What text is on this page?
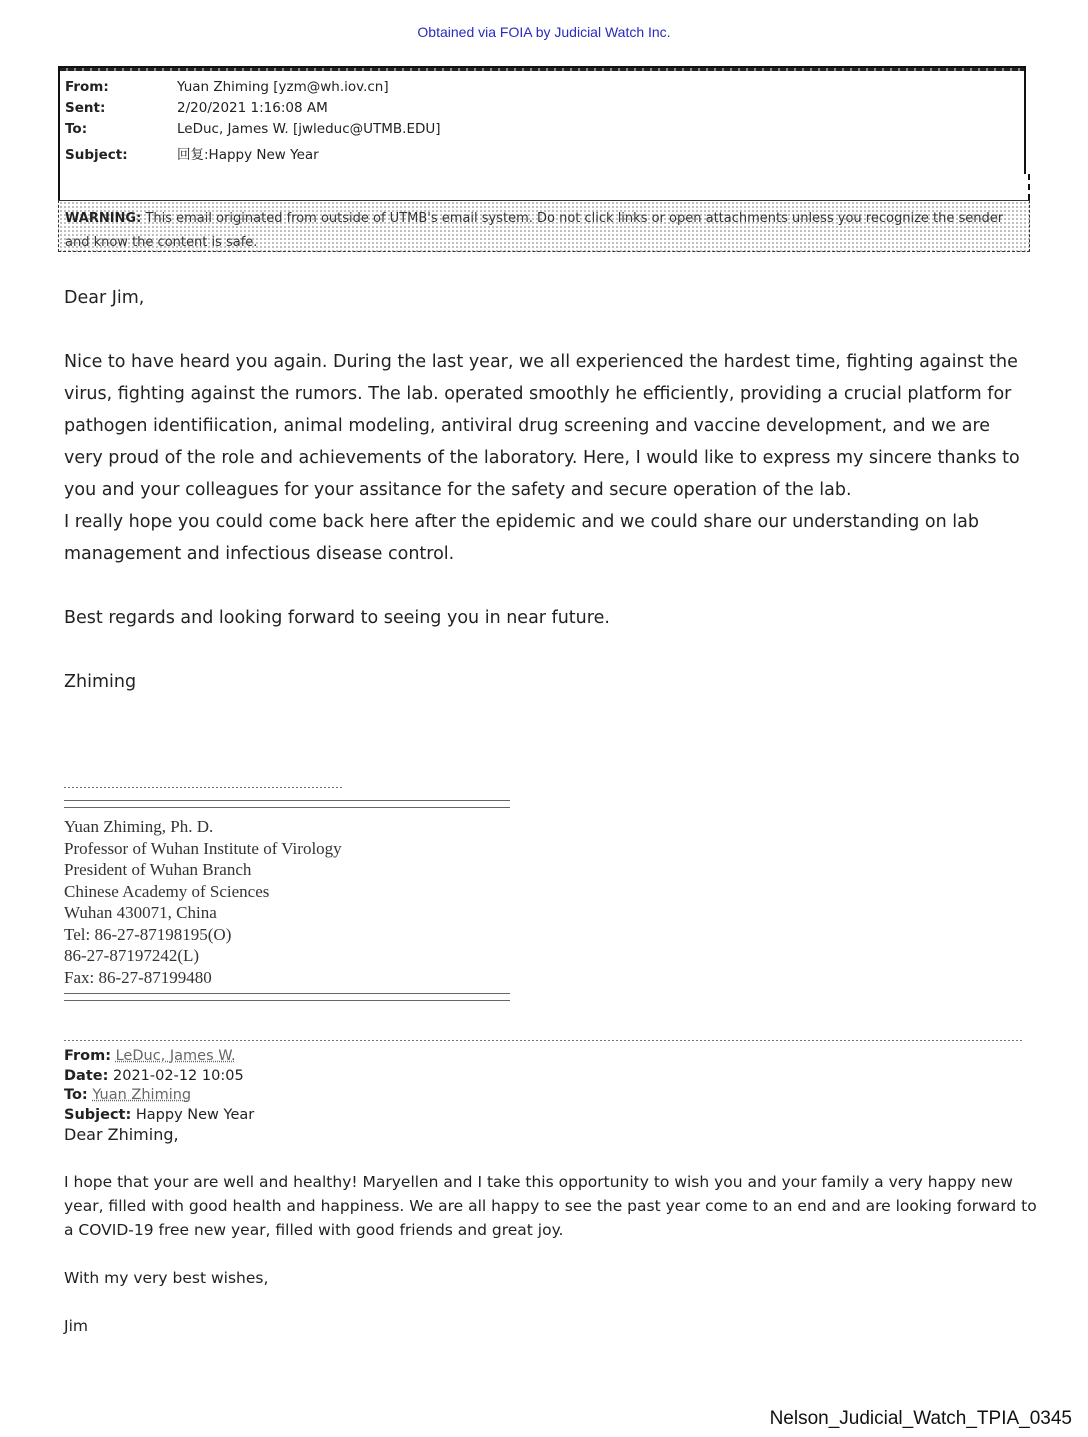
Obtained via FOIA by Judicial Watch Inc.
From:	Yuan Zhiming [yzm@wh.iov.cn]
Sent:	2/20/2021 1:16:08 AM
To:	LeDuc, James W. [jwleduc@UTMB.EDU]
Subject:	回复:Happy New Year
WARNING: This email originated from outside of UTMB's email system. Do not click links or open attachments unless you recognize the sender and know the content is safe.

Dear Jim,

Nice to have heard you again. During the last year, we all experienced the hardest time, fighting against the virus, fighting against the rumors. The lab. operated smoothly he efficiently, providing a crucial platform for pathogen identifiication, animal modeling, antiviral drug screening and vaccine development, and we are very proud of the role and achievements of the laboratory. Here, I would like to express my sincere thanks to you and your colleagues for your assitance for the safety and secure operation of the lab.

I really hope you could come back here after the epidemic and we could share our understanding on lab management and infectious disease control.

Best regards and looking forward to seeing you in near future.

Zhiming

Yuan Zhiming, Ph. D.
Professor of Wuhan Institute of Virology
President of Wuhan Branch
Chinese Academy of Sciences
Wuhan 430071, China
Tel: 86-27-87198195(O)
86-27-87197242(L)
Fax: 86-27-87199480
From: LeDuc, James W.
Date: 2021-02-12 10:05
To: Yuan Zhiming
Subject: Happy New Year
Dear Zhiming,

I hope that your are well and healthy! Maryellen and I take this opportunity to wish you and your family a very happy new year, filled with good health and happiness. We are all happy to see the past year come to an end and are looking forward to a COVID-19 free new year, filled with good friends and great joy.

With my very best wishes,

Jim

Nelson_Judicial_Watch_TPIA_0345
